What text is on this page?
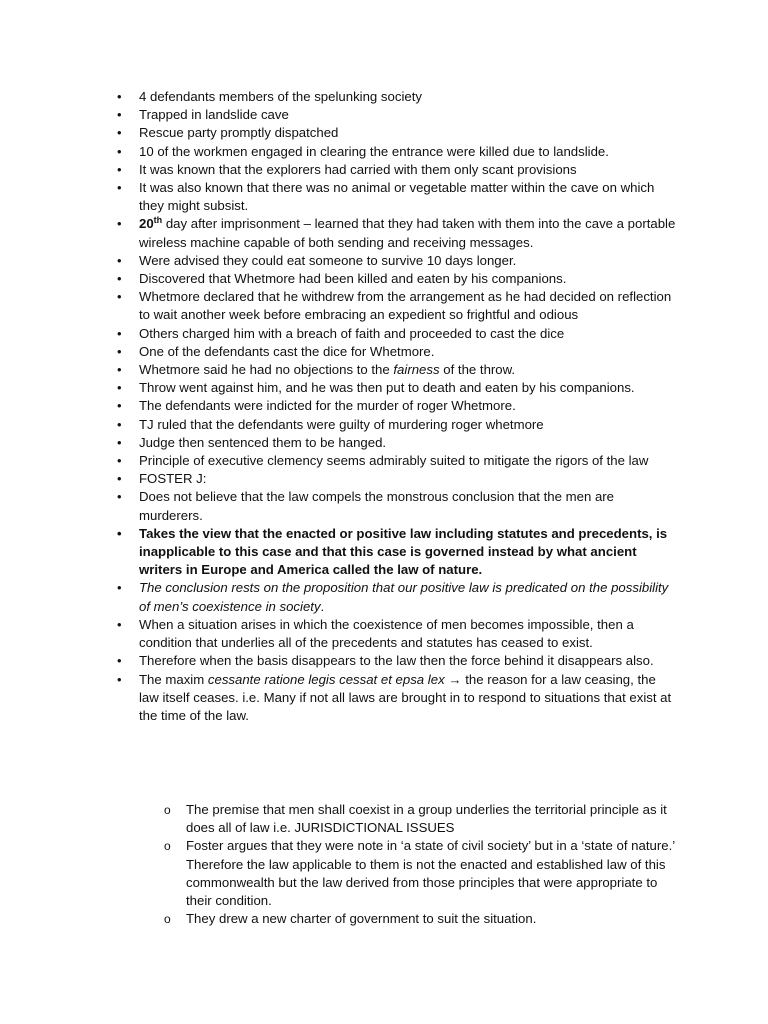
• 4 defendants members of the spelunking society
• Trapped in landslide cave
• Rescue party promptly dispatched
• 10 of the workmen engaged in clearing the entrance were killed due to landslide.
• It was known that the explorers had carried with them only scant provisions
• It was also known that there was no animal or vegetable matter within the cave on which they might subsist.
• 20th day after imprisonment – learned that they had taken with them into the cave a portable wireless machine capable of both sending and receiving messages.
• Were advised they could eat someone to survive 10 days longer.
• Discovered that Whetmore had been killed and eaten by his companions.
• Whetmore declared that he withdrew from the arrangement as he had decided on reflection to wait another week before embracing an expedient so frightful and odious
• Others charged him with a breach of faith and proceeded to cast the dice
• One of the defendants cast the dice for Whetmore.
• Whetmore said he had no objections to the fairness of the throw.
• Throw went against him, and he was then put to death and eaten by his companions.
• The defendants were indicted for the murder of roger Whetmore.
• TJ ruled that the defendants were guilty of murdering roger whetmore
• Judge then sentenced them to be hanged.
• Principle of executive clemency seems admirably suited to mitigate the rigors of the law
• FOSTER J:
• Does not believe that the law compels the monstrous conclusion that the men are murderers.
• Takes the view that the enacted or positive law including statutes and precedents, is inapplicable to this case and that this case is governed instead by what ancient writers in Europe and America called the law of nature.
• The conclusion rests on the proposition that our positive law is predicated on the possibility of men’s coexistence in society.
• When a situation arises in which the coexistence of men becomes impossible, then a condition that underlies all of the precedents and statutes has ceased to exist.
• Therefore when the basis disappears to the law then the force behind it disappears also.
• The maxim cessante ratione legis cessat et epsa lex → the reason for a law ceasing, the law itself ceases. i.e. Many if not all laws are brought in to respond to situations that exist at the time of the law.
o The premise that men shall coexist in a group underlies the territorial principle as it does all of law i.e. JURISDICTIONAL ISSUES
o Foster argues that they were note in ‘a state of civil society’ but in a ‘state of nature.’ Therefore the law applicable to them is not the enacted and established law of this commonwealth but the law derived from those principles that were appropriate to their condition.
o They drew a new charter of government to suit the situation.
